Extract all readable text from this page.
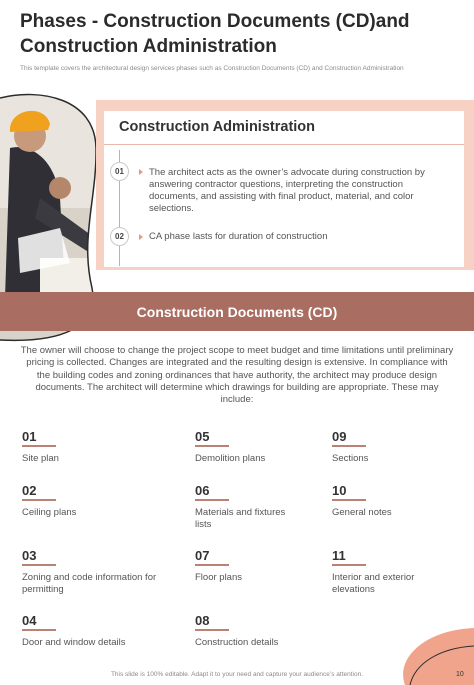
Phases - Construction Documents (CD)and Construction Administration
This template covers the architectural design services phases such as Construction Documents (CD) and Construction Administration
Construction Administration
01	The architect acts as the owner’s advocate during construction by answering contractor questions, interpreting the construction documents, and assisting with final product, material, and color selections.
02	CA phase lasts for duration of construction
Construction Documents (CD)
The owner will choose to change the project scope to meet budget and time limitations until preliminary pricing is collected. Changes are integrated and the resulting design is extensive. In compliance with the building codes and zoning ordinances that have authority, the architect may produce design documents. The architect will determine which drawings for building are appropriate. These may include:
01
Site plan
02
Ceiling plans
03
Zoning and code information for permitting
04
Door and window details
05
Demolition plans
06
Materials and fixtures lists
07
Floor plans
08
Construction details
09
Sections
10
General notes
11
Interior and exterior elevations
This slide is 100% editable. Adapt it to your need and capture your audience’s attention.	10
